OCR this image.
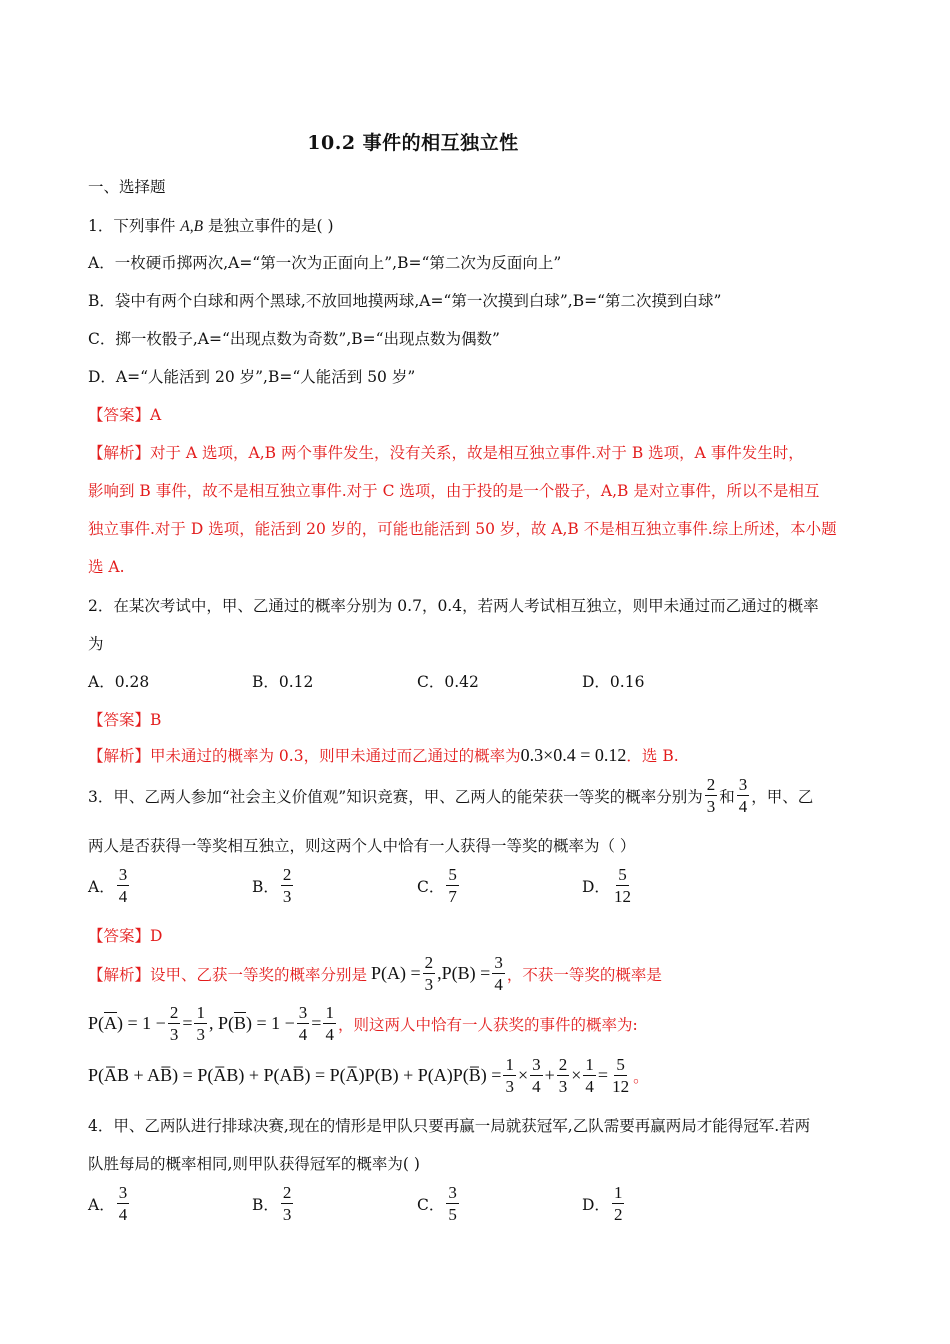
10.2 事件的相互独立性
一、选择题
1．下列事件 A,B 是独立事件的是( )
A．一枚硬币掷两次,A=“第一次为正面向上”,B=“第二次为反面向上”
B．袋中有两个白球和两个黑球,不放回地摸两球,A=“第一次摸到白球”,B=“第二次摸到白球”
C．掷一枚骰子,A=“出现点数为奇数”,B=“出现点数为偶数”
D．A=“人能活到 20 岁”,B=“人能活到 50 岁”
【答案】A
【解析】对于 A 选项，A,B 两个事件发生，没有关系，故是相互独立事件.对于 B 选项，A 事件发生时，
影响到 B 事件，故不是相互独立事件.对于 C 选项，由于投的是一个骰子，A,B 是对立事件，所以不是相互
独立事件.对于 D 选项，能活到 20 岁的，可能也能活到 50 岁，故 A,B 不是相互独立事件.综上所述，本小题
选 A.
2．在某次考试中，甲、乙通过的概率分别为 0.7，0.4，若两人考试相互独立，则甲未通过而乙通过的概率
为
A．0.28	B．0.12	C．0.42	D．0.16
【答案】B
【解析】甲未通过的概率为 0.3，则甲未通过而乙通过的概率为0.3×0.4 = 0.12．选 B.
3．甲、乙两人参加“社会主义价值观”知识竞赛，甲、乙两人的能荣获一等奖的概率分别为 $\frac{2}{3}$ 和 $\frac{3}{4}$ ，甲、乙
两人是否获得一等奖相互独立，则这两个人中恰有一人获得一等奖的概率为（ ）
A． $\frac{3}{4}$	B． $\frac{2}{3}$	C． $\frac{5}{7}$	D． $\frac{5}{12}$
【答案】D
【解析】设甲、乙获一等奖的概率分别是 $P(A) = \frac{2}{3}$ , $P(B) = \frac{3}{4}$ ，不获一等奖的概率是
P( $\overline{A}$ ) = $1 - \frac{2}{3} = \frac{1}{3}$ , P( $\overline{B}$ ) = $1 - \frac{3}{4} = \frac{1}{4}$ ，则这两人中恰有一人获奖的事件的概率为:
P(A̅B + AB̅) = P(A̅B) + P(AB̅) = P(A̅)P(B) + P(A)P(B̅) = $\frac{1}{3} \times \frac{3}{4} + \frac{2}{3} \times \frac{1}{4} = \frac{5}{12}$ 。
4．甲、乙两队进行排球决赛,现在的情形是甲队只要再赢一局就获冠军,乙队需要再赢两局才能得冠军.若两
队胜每局的概率相同,则甲队获得冠军的概率为( )
A． $\frac{3}{4}$	B． $\frac{2}{3}$	C． $\frac{3}{5}$	D． $\frac{1}{2}$
